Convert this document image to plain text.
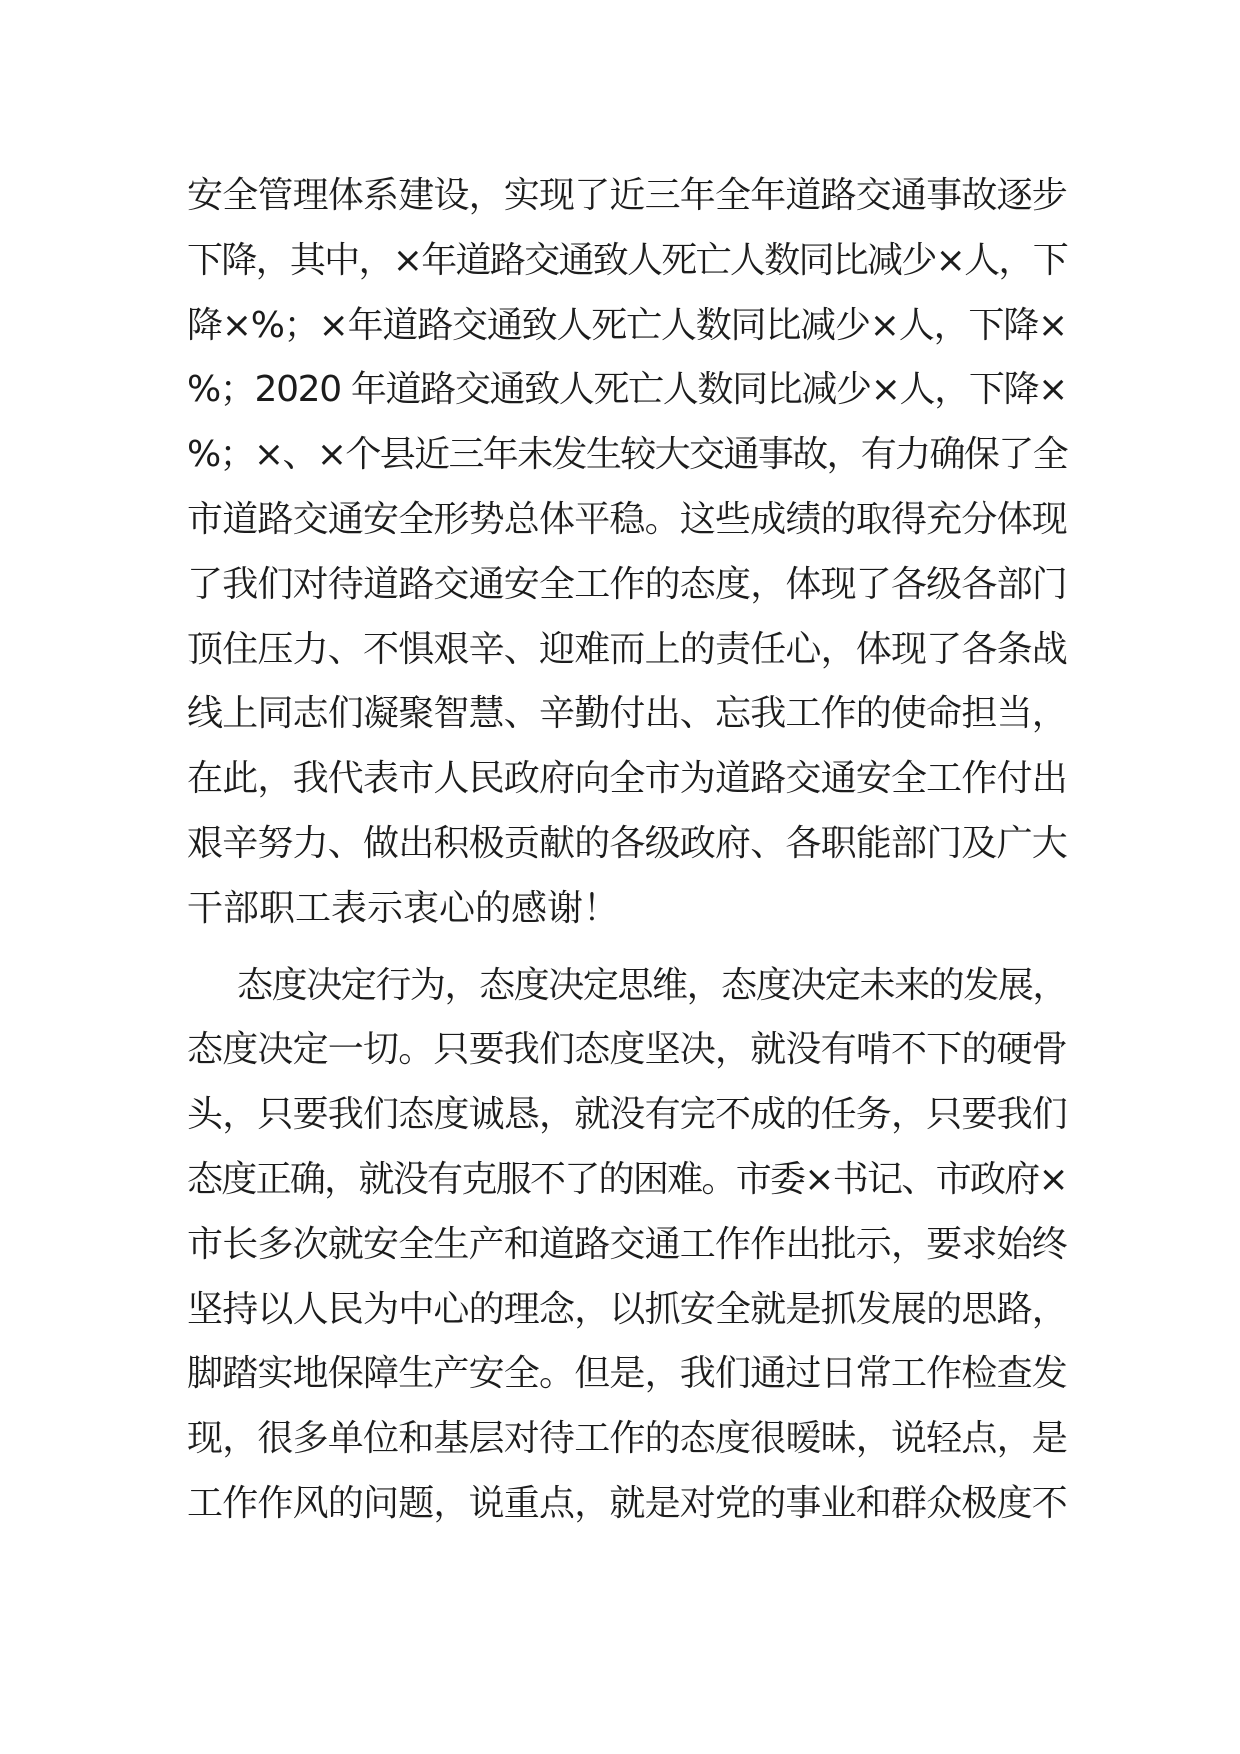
安全管理体系建设，实现了近三年全年道路交通事故逐步
下降，其中，×年道路交通致人死亡人数同比减少×人，下
降×%；×年道路交通致人死亡人数同比减少×人，下降×
%；2020 年道路交通致人死亡人数同比减少×人，下降×
%；×、×个县近三年未发生较大交通事故，有力确保了全
市道路交通安全形势总体平稳。这些成绩的取得充分体现
了我们对待道路交通安全工作的态度，体现了各级各部门
顶住压力、不惧艰辛、迎难而上的责任心，体现了各条战
线上同志们凝聚智慧、辛勤付出、忘我工作的使命担当，
在此，我代表市人民政府向全市为道路交通安全工作付出
艰辛努力、做出积极贡献的各级政府、各职能部门及广大
干部职工表示衷心的感谢！
态度决定行为，态度决定思维，态度决定未来的发展，
态度决定一切。只要我们态度坚决，就没有啃不下的硬骨
头，只要我们态度诚恳，就没有完不成的任务，只要我们
态度正确，就没有克服不了的困难。市委×书记、市政府×
市长多次就安全生产和道路交通工作作出批示，要求始终
坚持以人民为中心的理念，以抓安全就是抓发展的思路，
脚踏实地保障生产安全。但是，我们通过日常工作检查发
现，很多单位和基层对待工作的态度很暧昧，说轻点，是
工作作风的问题，说重点，就是对党的事业和群众极度不
